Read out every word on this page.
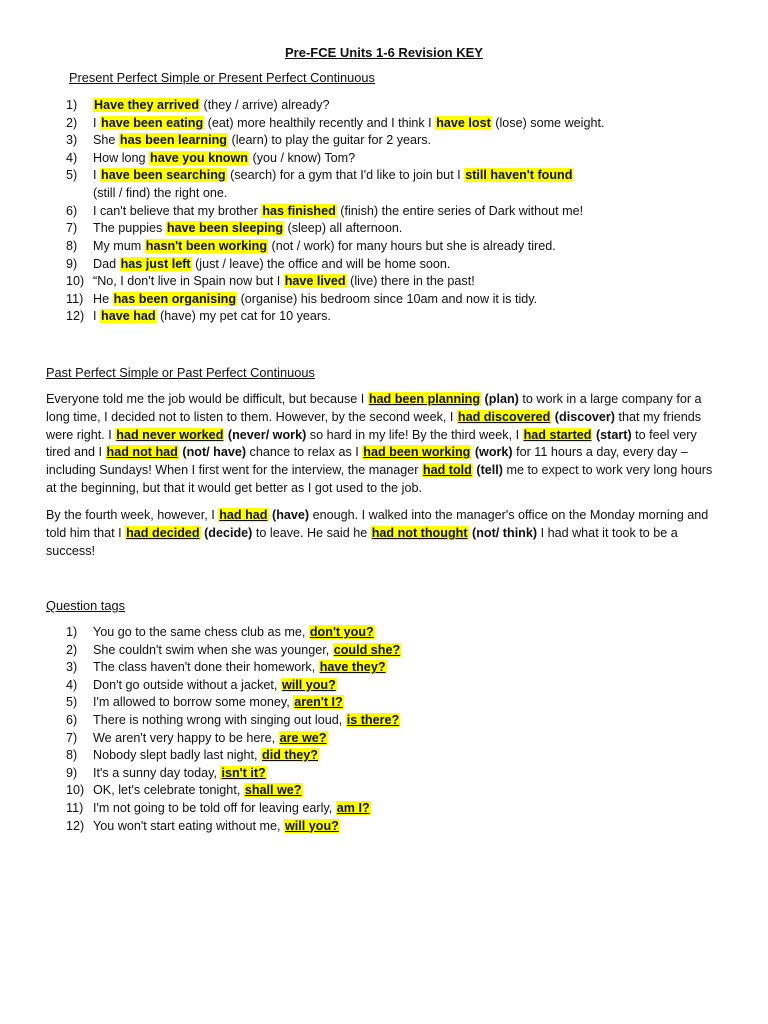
Pre-FCE Units 1-6 Revision KEY
Present Perfect Simple or Present Perfect Continuous
1) Have they arrived (they / arrive) already?
2) I have been eating (eat) more healthily recently and I think I have lost (lose) some weight.
3) She has been learning (learn) to play the guitar for 2 years.
4) How long have you known (you / know) Tom?
5) I have been searching (search) for a gym that I'd like to join but I still haven't found (still / find) the right one.
6) I can't believe that my brother has finished (finish) the entire series of Dark without me!
7) The puppies have been sleeping (sleep) all afternoon.
8) My mum hasn't been working (not / work) for many hours but she is already tired.
9) Dad has just left (just / leave) the office and will be home soon.
10) “No, I don't live in Spain now but I have lived (live) there in the past!
11) He has been organising (organise) his bedroom since 10am and now it is tidy.
12) I have had (have) my pet cat for 10 years.
Past Perfect Simple or Past Perfect Continuous

Everyone told me the job would be difficult, but because I had been planning (plan) to work in a large company for a long time, I decided not to listen to them. However, by the second week, I had discovered (discover) that my friends were right. I had never worked (never/ work) so hard in my life! By the third week, I had started (start) to feel very tired and I had not had (not/ have) chance to relax as I had been working (work) for 11 hours a day, every day – including Sundays! When I first went for the interview, the manager had told (tell) me to expect to work very long hours at the beginning, but that it would get better as I got used to the job.

By the fourth week, however, I had had (have) enough. I walked into the manager's office on the Monday morning and told him that I had decided (decide) to leave. He said he had not thought (not/ think) I had what it took to be a success!

Question tags
1) You go to the same chess club as me, don't you?
2) She couldn't swim when she was younger, could she?
3) The class haven't done their homework, have they?
4) Don't go outside without a jacket, will you?
5) I'm allowed to borrow some money, aren't I?
6) There is nothing wrong with singing out loud, is there?
7) We aren't very happy to be here, are we?
8) Nobody slept badly last night, did they?
9) It's a sunny day today, isn't it?
10) OK, let's celebrate tonight, shall we?
11) I'm not going to be told off for leaving early, am I?
12) You won't start eating without me, will you?
